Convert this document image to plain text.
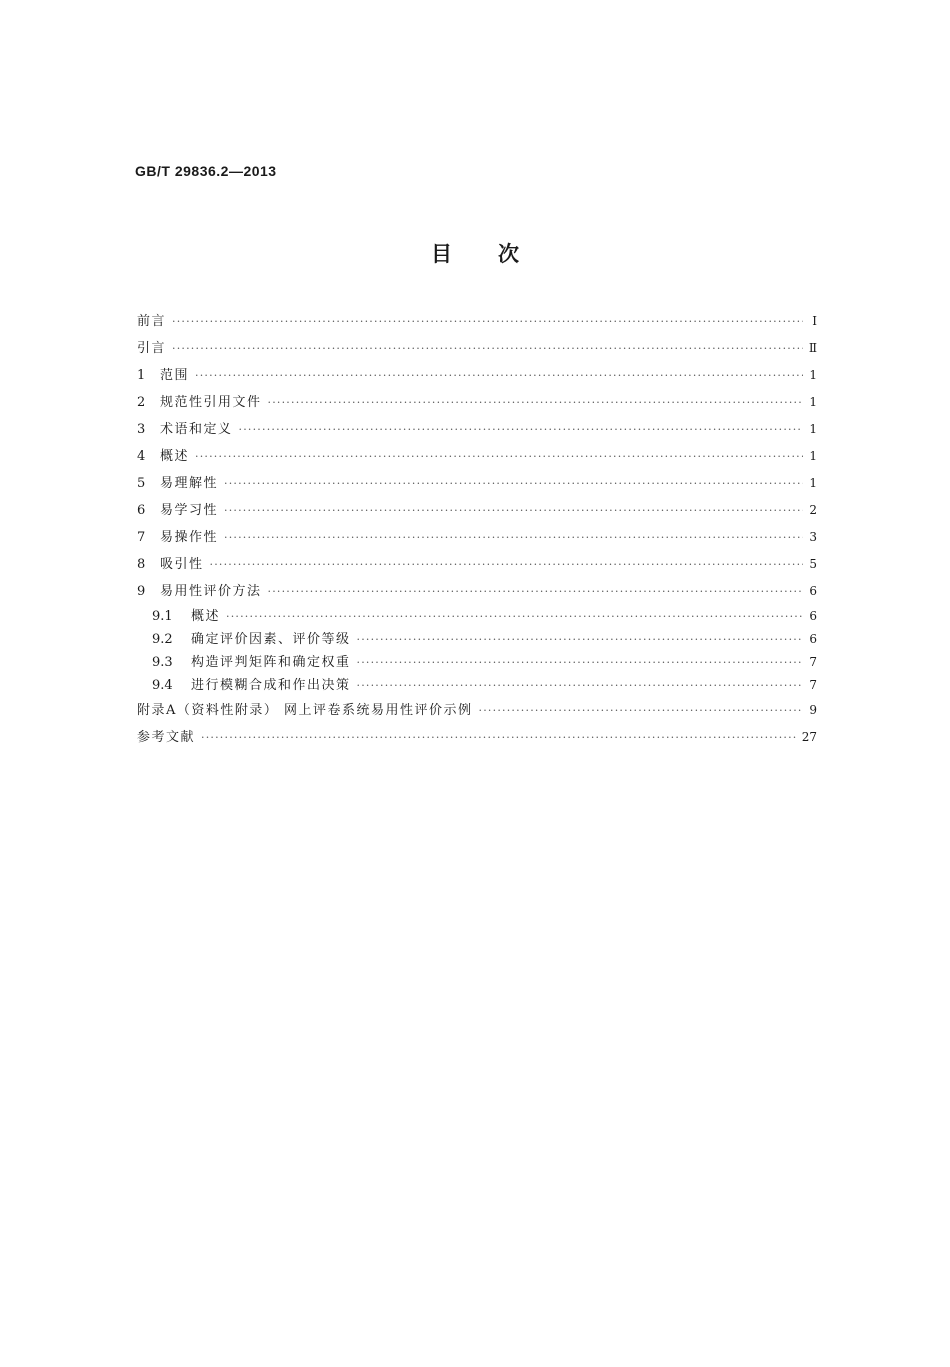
GB/T 29836.2—2013
目次
前言 ·····	Ⅰ
引言 ·····	Ⅱ
1	范围 ·····	1
2	规范性引用文件 ·····	1
3	术语和定义 ·····	1
4	概述 ·····	1
5	易理解性 ·····	1
6	易学习性 ·····	2
7	易操作性 ·····	3
8	吸引性 ·····	5
9	易用性评价方法 ·····	6
9.1	概述 ·····	6
9.2	确定评价因素、评价等级 ·····	6
9.3	构造评判矩阵和确定权重 ·····	7
9.4	进行模糊合成和作出决策 ·····	7
附录A（资料性附录） 网上评卷系统易用性评价示例 ·····	9
参考文献 ·····	27
